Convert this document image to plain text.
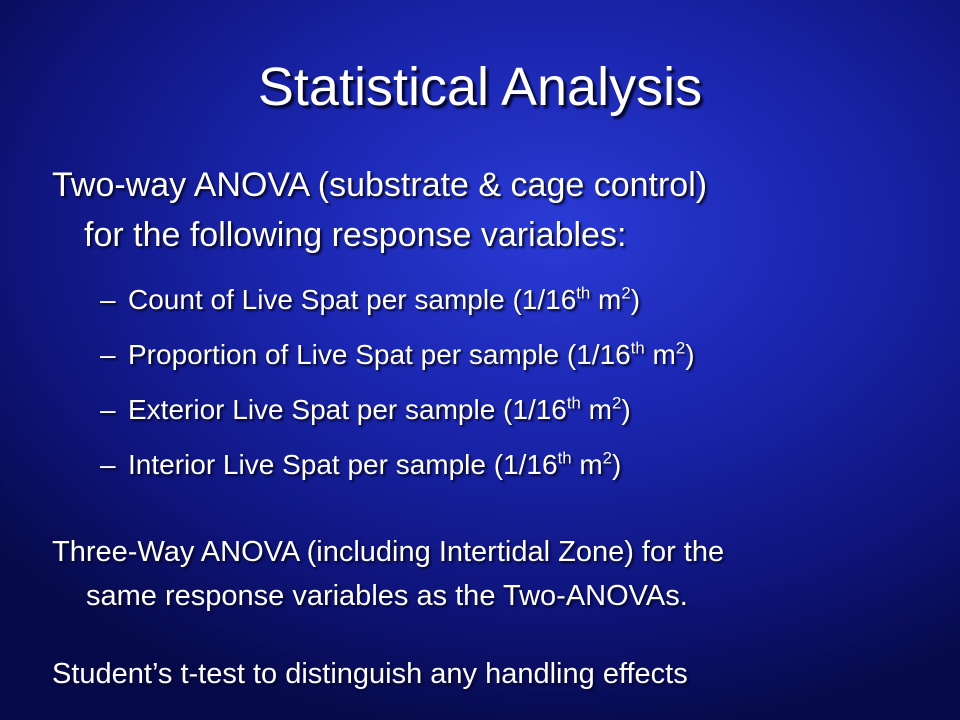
Statistical Analysis
Two-way ANOVA (substrate & cage control)
for the following response variables:
– Count of Live Spat per sample (1/16th $m^2$)
– Proportion of Live Spat per sample (1/16th $m^2$)
– Exterior Live Spat per sample (1/16th $m^2$)
– Interior Live Spat per sample (1/16th $m^2$)
Three-Way ANOVA (including Intertidal Zone) for the
same response variables as the Two-ANOVAs.
Student’s t-test to distinguish any handling effects
